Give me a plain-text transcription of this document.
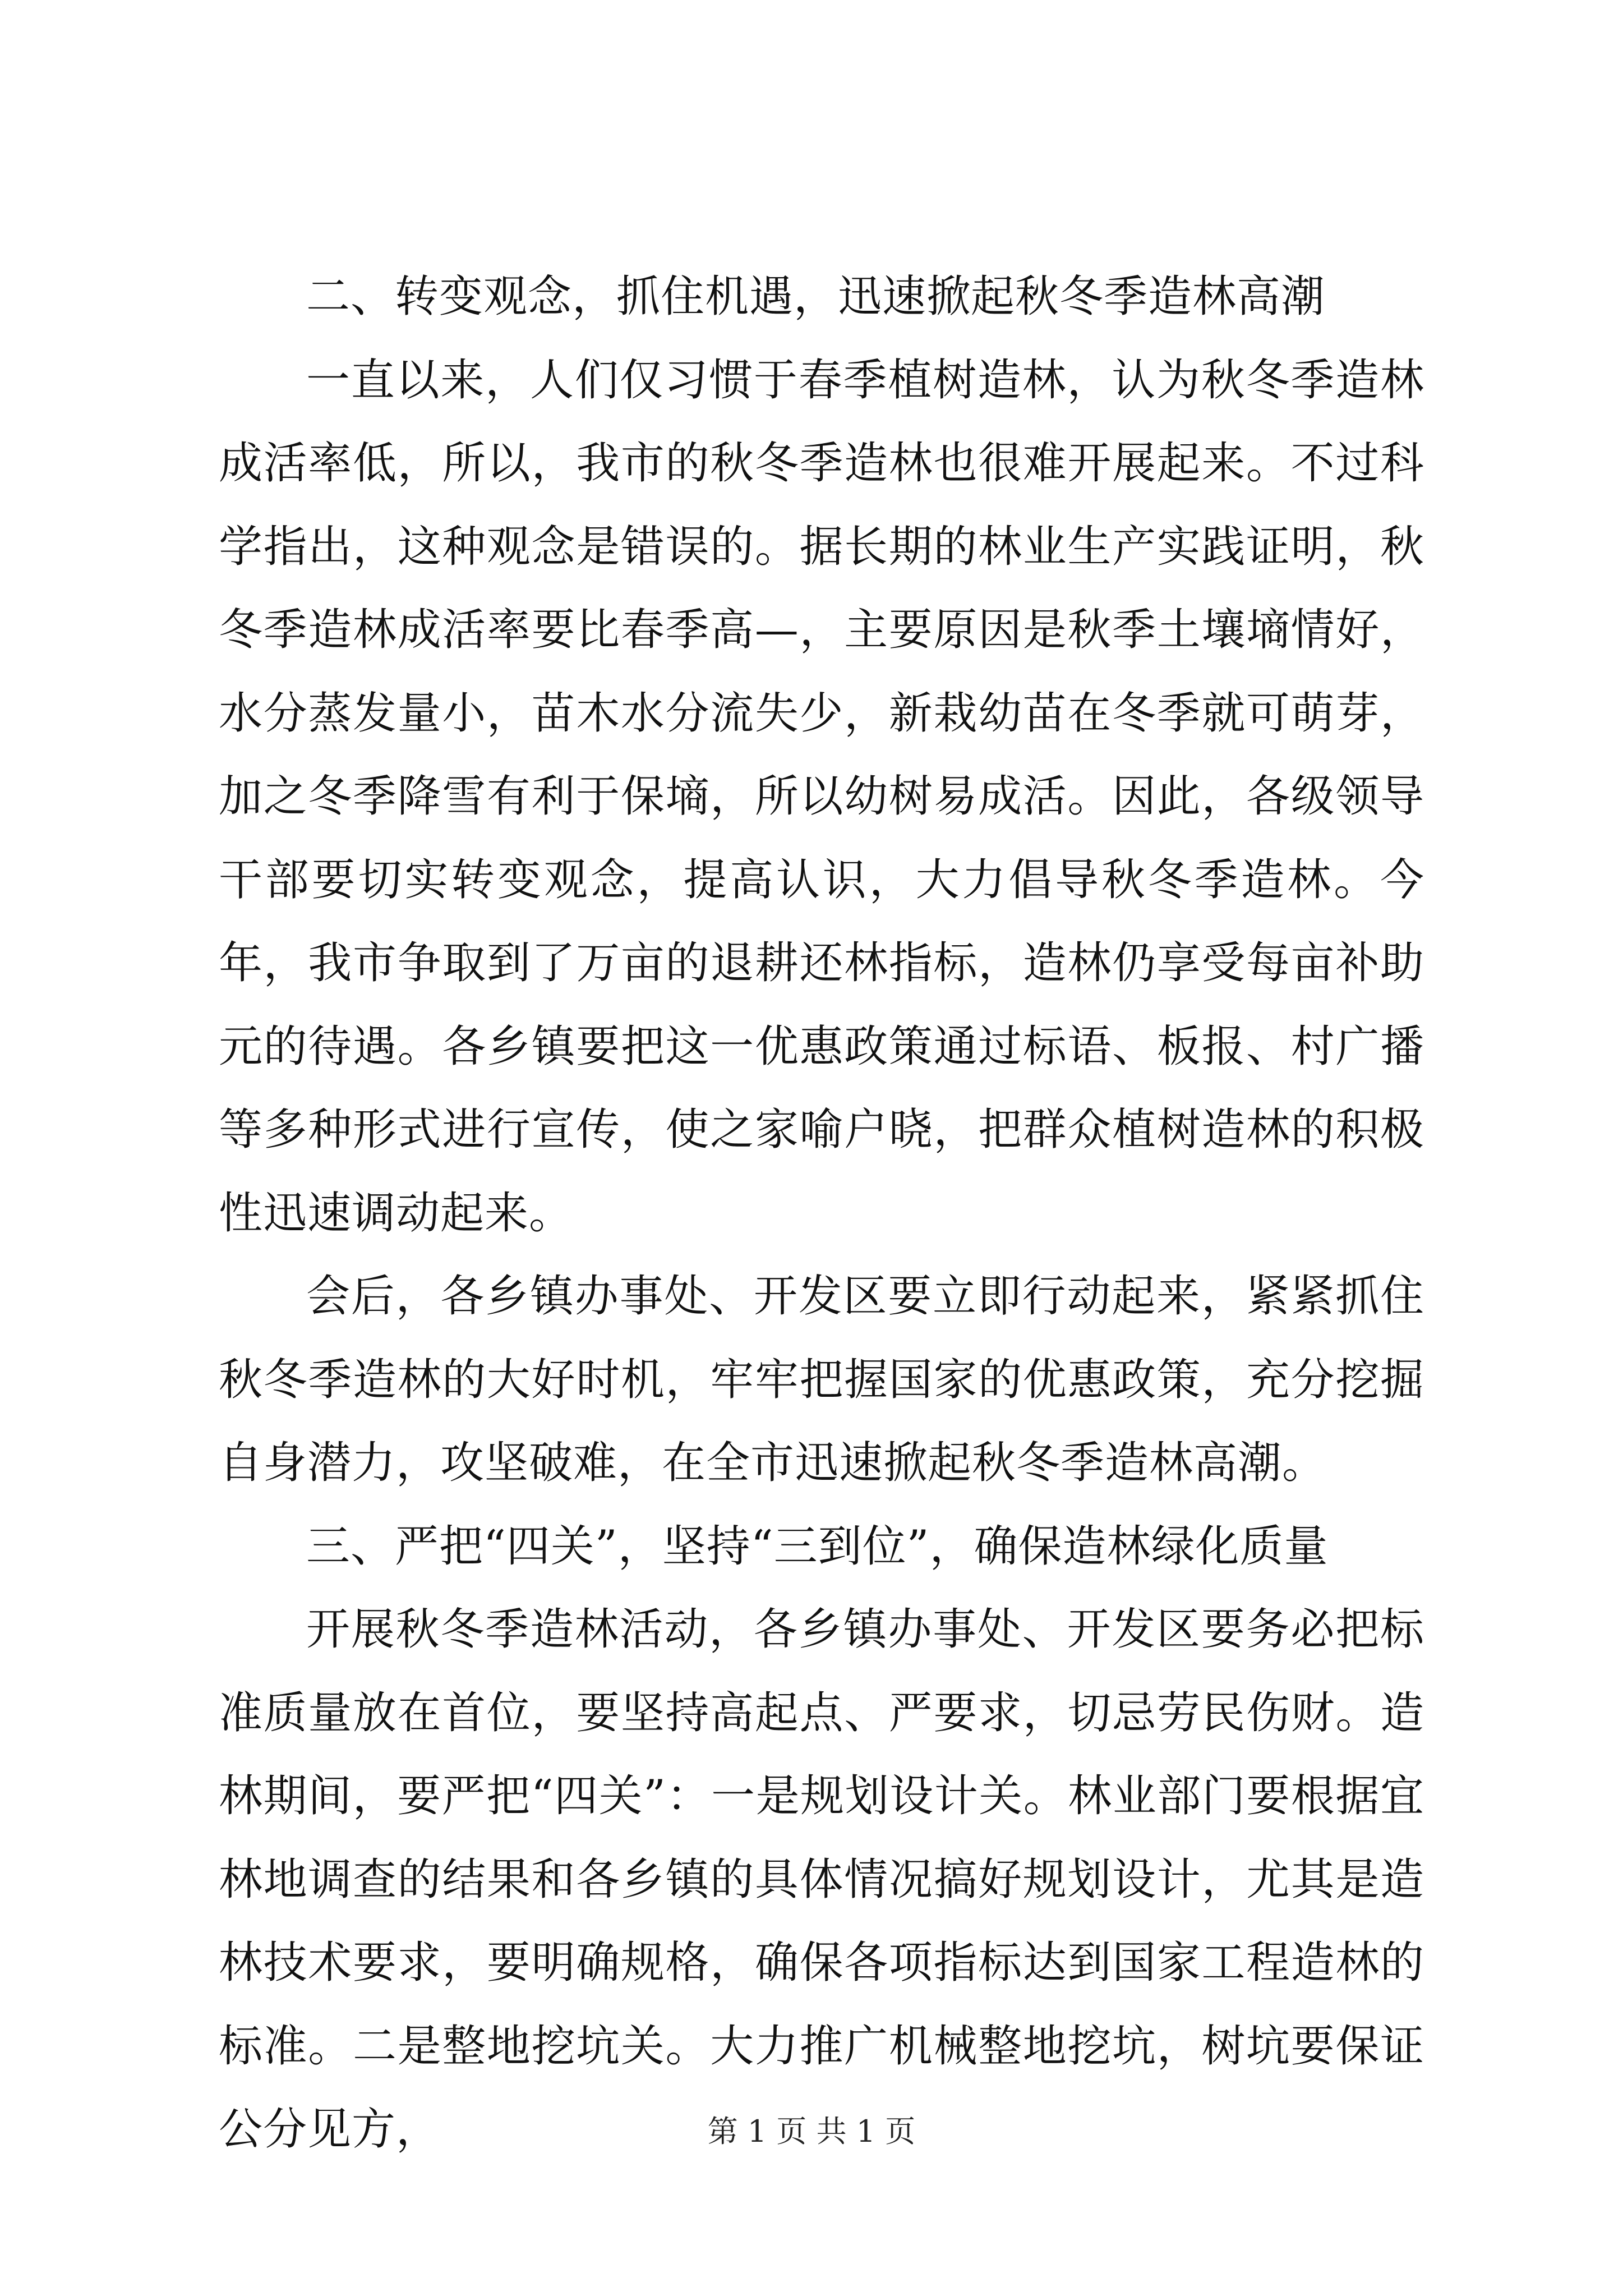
二、转变观念，抓住机遇，迅速掀起秋冬季造林高潮

一直以来，人们仅习惯于春季植树造林，认为秋冬季造林成活率低，所以，我市的秋冬季造林也很难开展起来。不过科学指出，这种观念是错误的。据长期的林业生产实践证明，秋冬季造林成活率要比春季高—，主要原因是秋季土壤墒情好，水分蒸发量小，苗木水分流失少，新栽幼苗在冬季就可萌芽，加之冬季降雪有利于保墒，所以幼树易成活。因此，各级领导干部要切实转变观念，提高认识，大力倡导秋冬季造林。今年，我市争取到了万亩的退耕还林指标，造林仍享受每亩补助元的待遇。各乡镇要把这一优惠政策通过标语、板报、村广播等多种形式进行宣传，使之家喻户晓，把群众植树造林的积极性迅速调动起来。

会后，各乡镇办事处、开发区要立即行动起来，紧紧抓住秋冬季造林的大好时机，牢牢把握国家的优惠政策，充分挖掘自身潜力，攻坚破难，在全市迅速掀起秋冬季造林高潮。

三、严把“四关”，坚持“三到位”，确保造林绿化质量

开展秋冬季造林活动，各乡镇办事处、开发区要务必把标准质量放在首位，要坚持高起点、严要求，切忌劳民伤财。造林期间，要严把“四关”：一是规划设计关。林业部门要根据宜林地调查的结果和各乡镇的具体情况搞好规划设计，尤其是造林技术要求，要明确规格，确保各项指标达到国家工程造林的标准。二是整地挖坑关。大力推广机械整地挖坑，树坑要保证公分见方，	第 1 页 共 1 页
